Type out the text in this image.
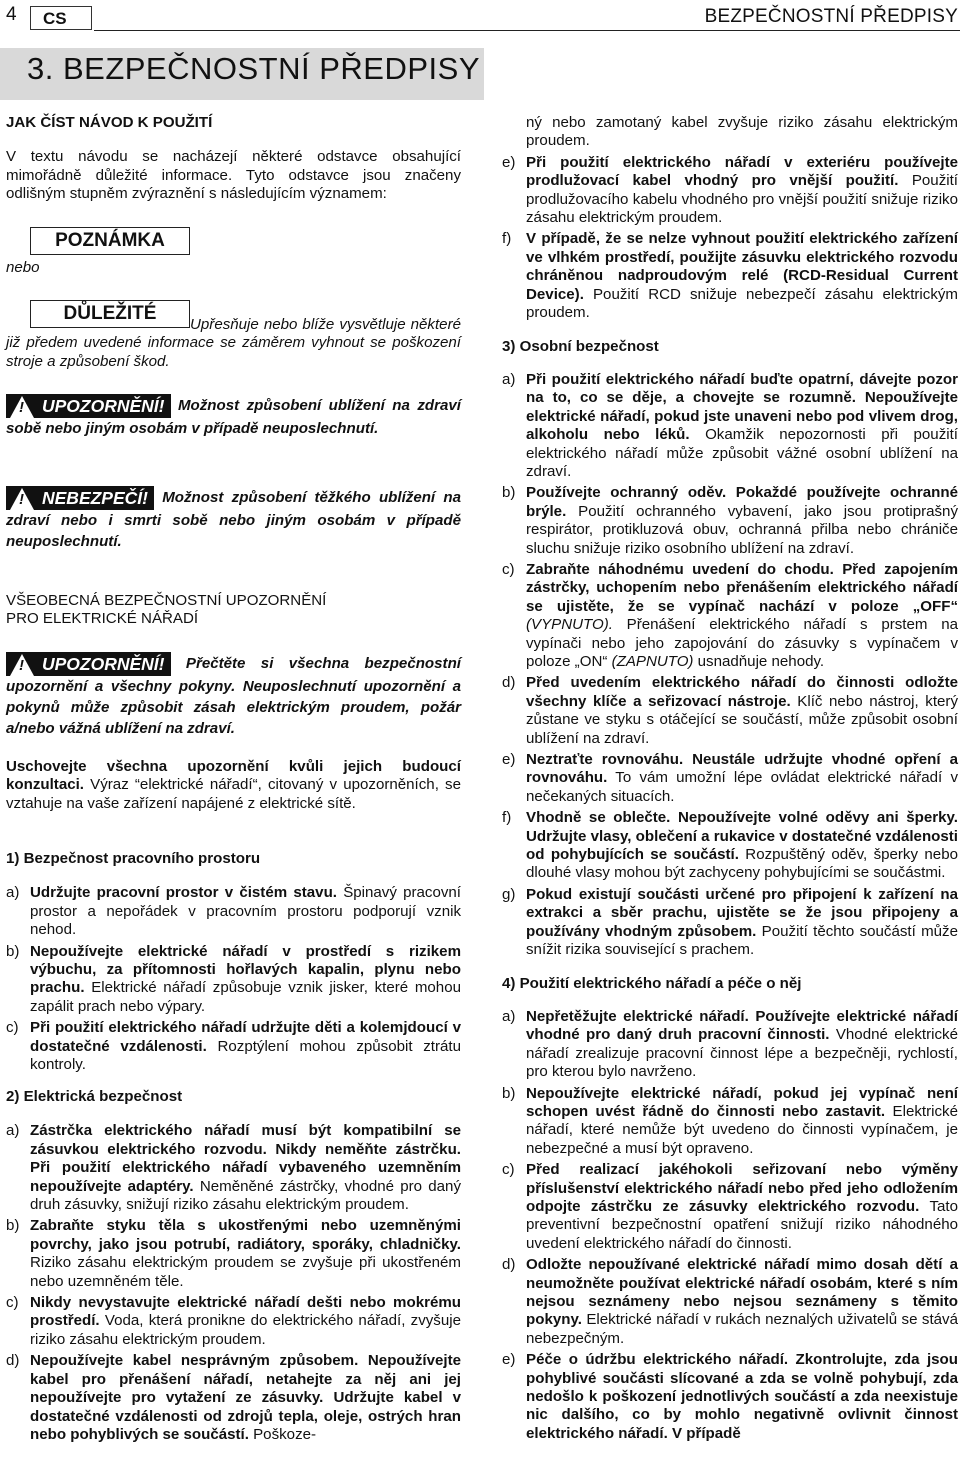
4	CS	BEZPEČNOSTNÍ PŘEDPISY
3. BEZPEČNOSTNÍ PŘEDPISY

JAK ČÍST NÁVOD K POUŽITÍ

V textu návodu se nacházejí některé odstavce obsahující mimořádně důležité informace. Tyto odstavce jsou značeny odlišným stupněm zvýraznění s následujícím významem:

POZNÁMKA
nebo
DŮLEŽITÉ
Upřesňuje nebo blíže vysvětluje některé již předem uvedené informace se záměrem vyhnout se poškození stroje a způsobení škod.
! UPOZORNĚNÍ! Možnost způsobení ublížení na zdraví sobě nebo jiným osobám v případě neuposlechnutí.
! NEBEZPEČÍ! Možnost způsobení těžkého ublížení na zdraví nebo i smrti sobě nebo jiným osobám v případě neuposlechnutí.

VŠEOBECNÁ BEZPEČNOSTNÍ UPOZORNĚNÍ

PRO ELEKTRICKÉ NÁŘADÍ

! UPOZORNĚNÍ! Přečtěte si všechna bezpečnostní upozornění a všechny pokyny. Neuposlechnutí upozornění a pokynů může způsobit zásah elektrickým proudem, požár a/nebo vážná ublížení na zdraví.
Uschovejte všechna upozornění kvůli jejich budoucí konzultaci. Výraz “elektrické nářadí“, citovaný v upozorněních, se vztahuje na vaše zařízení napájené z elektrické sítě.

1) Bezpečnost pracovního prostoru

a) Udržujte pracovní prostor v čistém stavu. Špinavý pracovní prostor a nepořádek v pracovním prostoru podporují vznik nehod.
b) Nepoužívejte elektrické nářadí v prostředí s rizikem výbuchu, za přítomnosti hořlavých kapalin, plynu nebo prachu. Elektrické nářadí způsobuje vznik jisker, které mohou zapálit prach nebo výpary.
c) Při použití elektrického nářadí udržujte děti a kolemjdoucí v dostatečné vzdálenosti. Rozptýlení mohou způsobit ztrátu kontroly.

2) Elektrická bezpečnost

a) Zástrčka elektrického nářadí musí být kompatibilní se zásuvkou elektrického rozvodu. Nikdy neměňte zástrčku. Při použití elektrického nářadí vybaveného uzemněním nepoužívejte adaptéry. Neměněné zástrčky, vhodné pro daný druh zásuvky, snižují riziko zásahu elektrickým proudem.
b) Zabraňte styku těla s ukostřenými nebo uzemněnými povrchy, jako jsou potrubí, radiátory, sporáky, chladničky. Riziko zásahu elektrickým proudem se zvyšuje při ukostřeném nebo uzemněném těle.
c) Nikdy nevystavujte elektrické nářadí dešti nebo mokrému prostředí. Voda, která pronikne do elektrického nářadí, zvyšuje riziko zásahu elektrickým proudem.
d) Nepoužívejte kabel nesprávným způsobem. Nepoužívejte kabel pro přenášení nářadí, netahejte za něj ani jej nepoužívejte pro vytažení ze zásuvky. Udržujte kabel v dostatečné vzdálenosti od zdrojů tepla, oleje, ostrých hran nebo pohyblivých se součástí. Poškoze-
ný nebo zamotaný kabel zvyšuje riziko zásahu elektrickým proudem.
e) Při použití elektrického nářadí v exteriéru používejte prodlužovací kabel vhodný pro vnější použití. Použití prodlužovacího kabelu vhodného pro vnější použití snižuje riziko zásahu elektrickým proudem.
f) V případě, že se nelze vyhnout použití elektrického zařízení ve vlhkém prostředí, použijte zásuvku elektrického rozvodu chráněnou nadproudovým relé (RCD-Residual Current Device). Použití RCD snižuje nebezpečí zásahu elektrickým proudem.

3) Osobní bezpečnost

a) Při použití elektrického nářadí buďte opatrní, dávejte pozor na to, co se děje, a chovejte se rozumně. Nepoužívejte elektrické nářadí, pokud jste unaveni nebo pod vlivem drog, alkoholu nebo léků. Okamžik nepozornosti při použití elektrického nářadí může způsobit vážné osobní ublížení na zdraví.
b) Používejte ochranný oděv. Pokaždé používejte ochranné brýle. Použití ochranného vybavení, jako jsou protiprašný respirátor, protikluzová obuv, ochranná přilba nebo chrániče sluchu snižuje riziko osobního ublížení na zdraví.
c) Zabraňte náhodnému uvedení do chodu. Před zapojením zástrčky, uchopením nebo přenášením elektrického nářadí se ujistěte, že se vypínač nachází v poloze „OFF“ (VYPNUTO). Přenášení elektrického nářadí s prstem na vypínači nebo jeho zapojování do zásuvky s vypínačem v poloze „ON“ (ZAPNUTO) usnadňuje nehody.
d) Před uvedením elektrického nářadí do činnosti odložte všechny klíče a seřizovací nástroje. Klíč nebo nástroj, který zůstane ve styku s otáčející se součástí, může způsobit osobní ublížení na zdraví.
e) Neztraťte rovnováhu. Neustále udržujte vhodné opření a rovnováhu. To vám umožní lépe ovládat elektrické nářadí v nečekaných situacích.
f) Vhodně se oblečte. Nepoužívejte volné oděvy ani šperky. Udržujte vlasy, oblečení a rukavice v dostatečné vzdálenosti od pohybujících se součástí. Rozpuštěný oděv, šperky nebo dlouhé vlasy mohou být zachyceny pohybujícími se součástmi.
g) Pokud existují součásti určené pro připojení k zařízení na extrakci a sběr prachu, ujistěte se že jsou připojeny a používány vhodným způsobem. Použití těchto součástí může snížit rizika související s prachem.

4) Použití elektrického nářadí a péče o něj

a) Nepřetěžujte elektrické nářadí. Používejte elektrické nářadí vhodné pro daný druh pracovní činnosti. Vhodné elektrické nářadí zrealizuje pracovní činnost lépe a bezpečněji, rychlostí, pro kterou bylo navrženo.
b) Nepoužívejte elektrické nářadí, pokud jej vypínač není schopen uvést řádně do činnosti nebo zastavit. Elektrické nářadí, které nemůže být uvedeno do činnosti vypínačem, je nebezpečné a musí být opraveno.
c) Před realizací jakéhokoli seřizovaní nebo výměny příslušenství elektrického nářadí nebo před jeho odložením odpojte zástrčku ze zásuvky elektrického rozvodu. Tato preventivní bezpečnostní opatření snižují riziko náhodného uvedení elektrického nářadí do činnosti.
d) Odložte nepoužívané elektrické nářadí mimo dosah dětí a neumožněte používat elektrické nářadí osobám, které s ním nejsou seznámeny nebo nejsou seznámeny s těmito pokyny. Elektrické nářadí v rukách neznalých uživatelů se stává nebezpečným.
e) Péče o údržbu elektrického nářadí. Zkontrolujte, zda jsou pohyblivé součásti slícované a zda se volně pohybují, zda nedošlo k poškození jednotlivých součástí a zda neexistuje nic dalšího, co by mohlo negativně ovlivnit činnost elektrického nářadí. V případě
